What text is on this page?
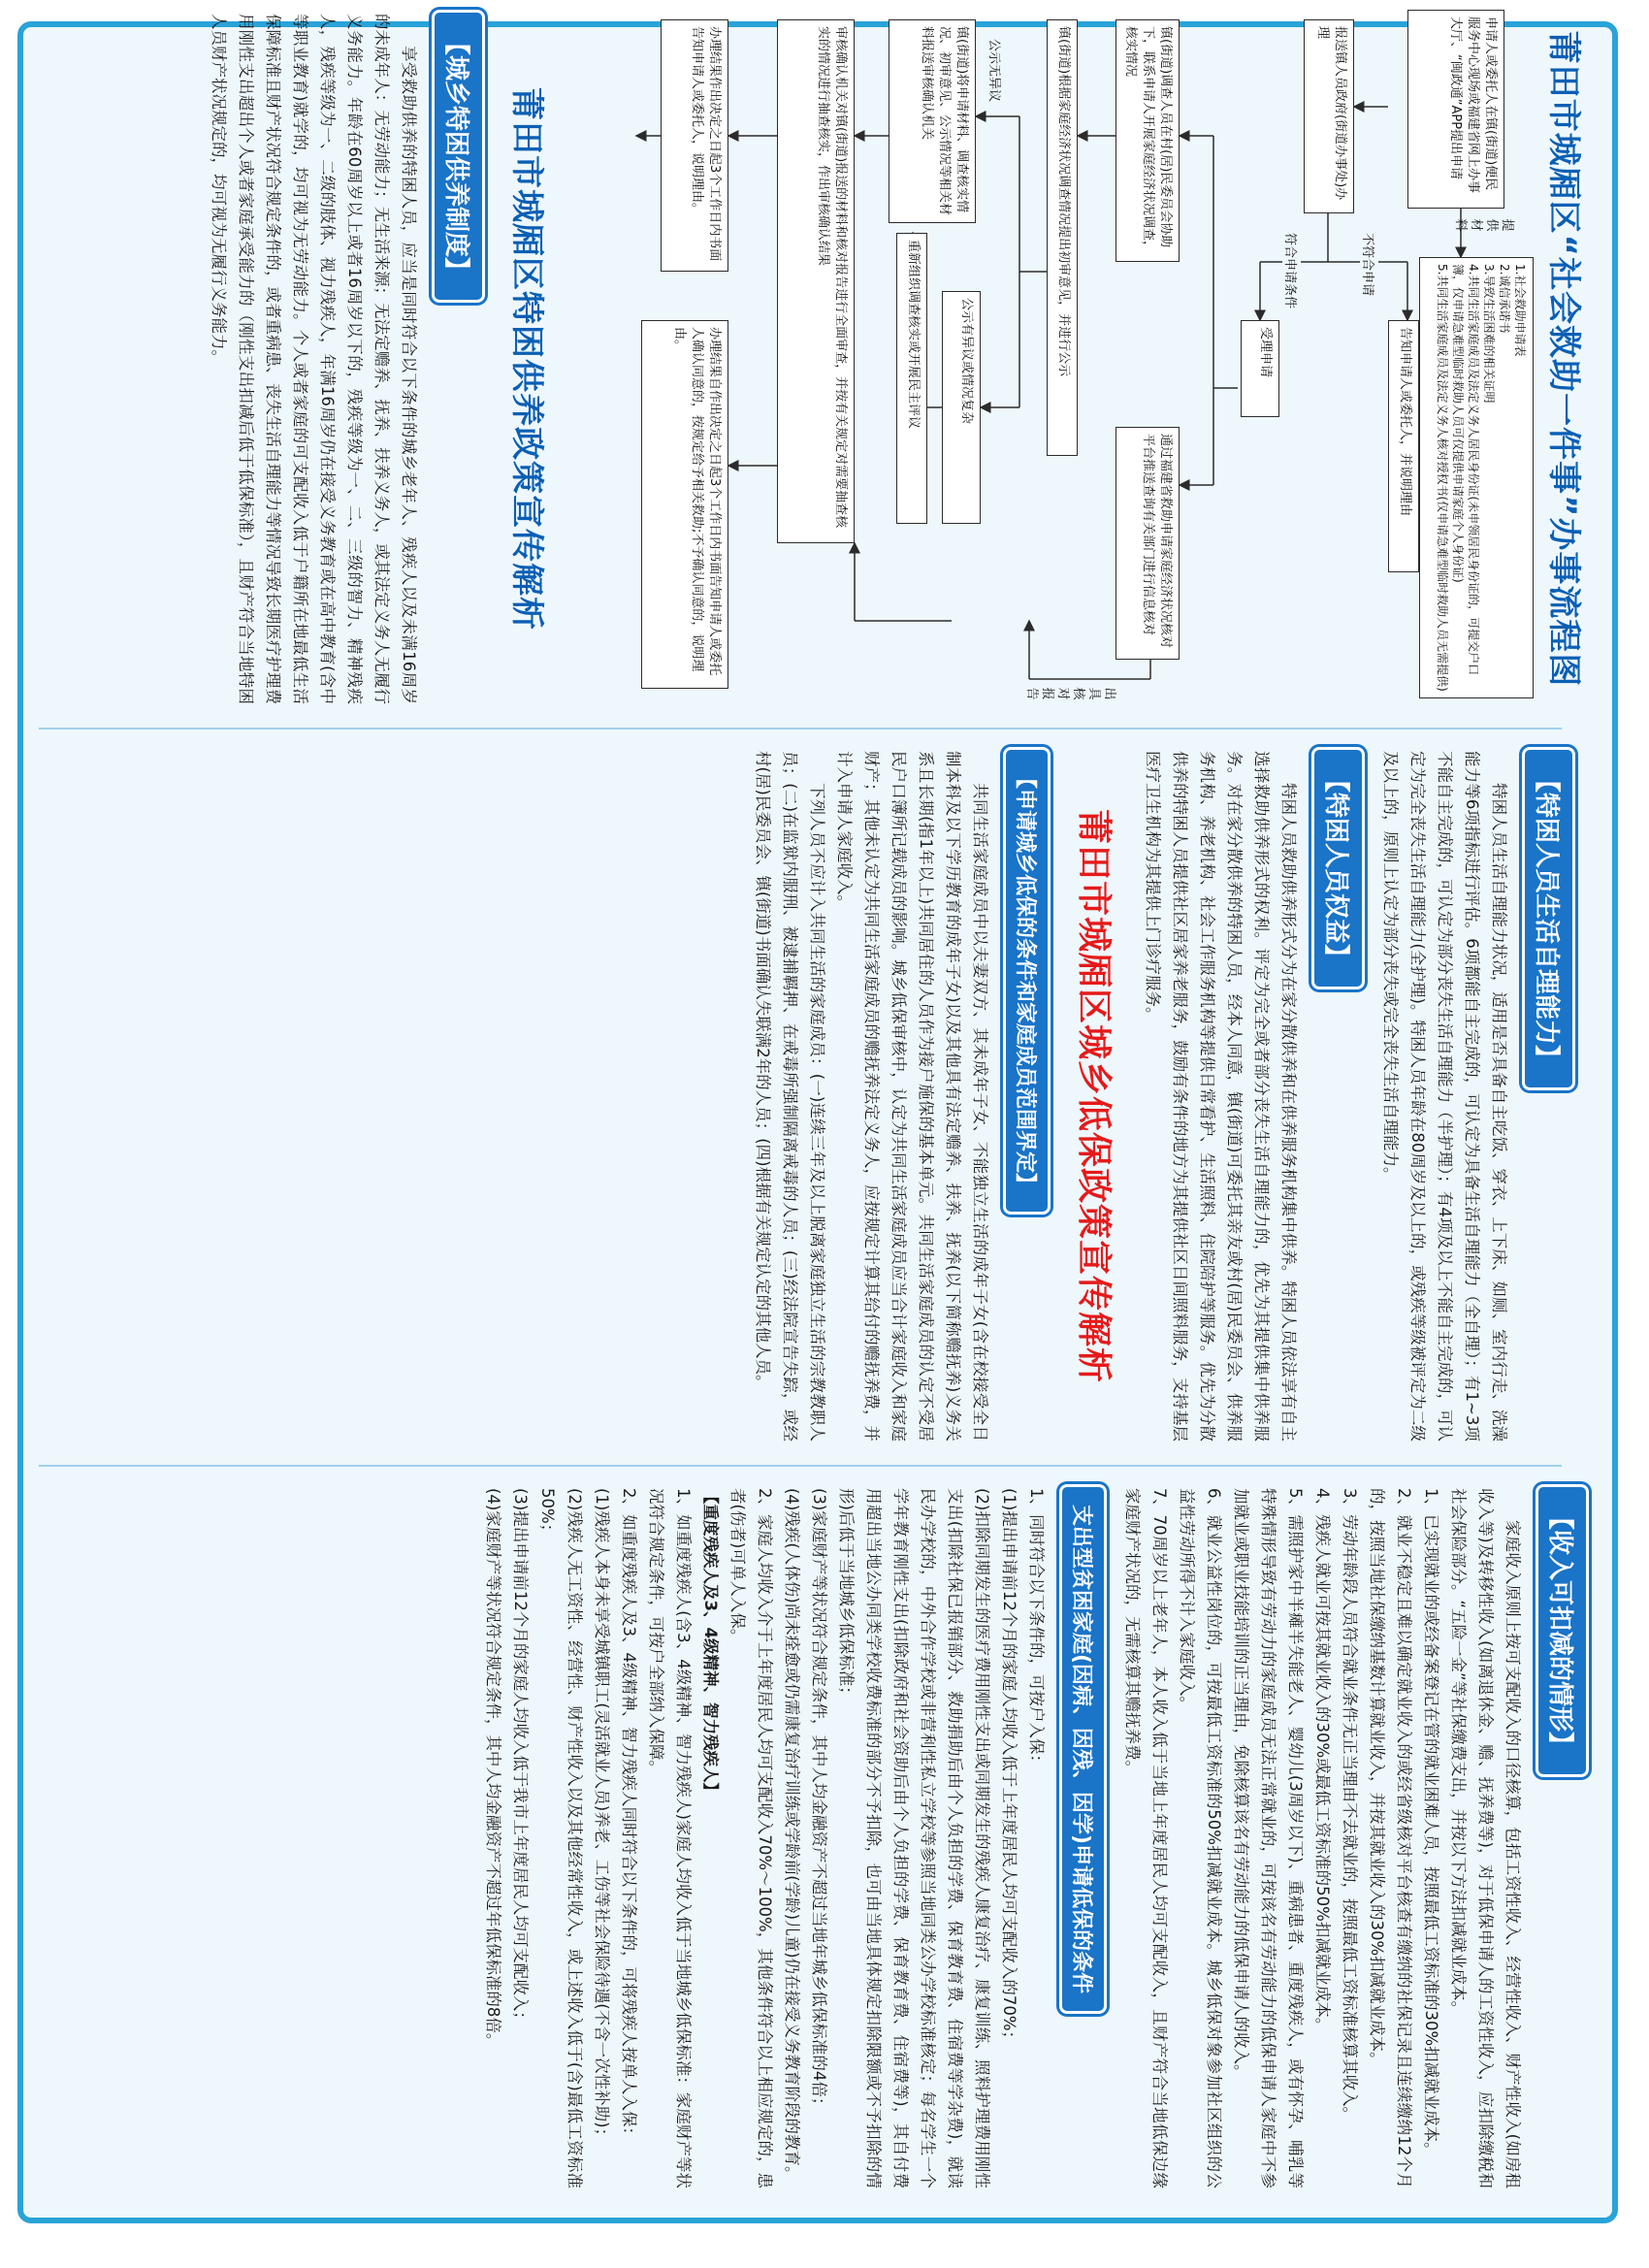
莆田市城厢区“社会救助一件事”办事流程图
申请人或委托人在镇(街道)便民服务中心现场或福建省网上办事大厅、“闽政通”APP提出申请
提供材料
1.社会救助申请表
2.诚信承诺书
3.导致生活困难的相关证明
4.共同生活家庭成员及法定义务人居民身份证(未申领居民身份证的，可提交户口簿，仅申请急难型临时救助人员可仅提供申请家庭个人身份证)
5.共同生活家庭成员及法定义务人核对授权书(仅申请急难型临时救助人员无需提供)
报送镇人员政府(街道办事处)办理
不符合申请
符合申请条件
告知申请人或委托人，并说明理由
受理申请
镇(街道)调查人员在村(居)民委员会协助下，联系申请人开展家庭经济状况调查，核实情况
通过福建省救助申请家庭经济状况核对平台推送查询有关部门进行信息核对
镇(街道)根据家庭经济状况调查情况提出初审意见，并进行公示
公示无异议
公示有异议或情况复杂
重新组织调查核实或开展民主评议
镇(街道)将申请材料、调查核实情况、初审意见、公示情况等相关材料报送审核确认机关
出具核对报告
审核确认机关对镇(街道)报送的材料和核对报告进行全面审查，并按有关规定对需要抽查核实的情况进行抽查核实，作出审核确认结果
办理结果作出决定之日起3个工作日内书面告知申请人或委托人，说明理由。
办理结果自作出决定之日起3个工作日内书面告知申请人或委托人确认同意的，按规定给予相关救助;不予确认同意的，说明理由。
莆田市城厢区特困供养政策宣传解析
【城乡特困供养制度】

享受救助供养的特困人员，应当是同时符合以下条件的城乡老年人、残疾人以及未满16周岁的未成年人：无劳动能力；无生活来源；无法定赡养、抚养、扶养义务人，或其法定义务人无履行义务能力。年龄在60周岁以上或者16周岁以下的，残疾等级为一、二、三级的智力、精神残疾人，残疾等级为一、二级的肢体、视力残疾人，年满16周岁仍在接受义务教育或在高中教育(含中等职业教育)就学的，均可视为无劳动能力。个人或者家庭的可支配收入低于户籍所在地最低生活保障标准且财产状况符合规定条件的，或者重病患、丧失生活自理能力等情况导致长期医疗护理费用刚性支出超出个人或者家庭承受能力的（刚性支出扣减后低于低保标准），且财产符合当地特困人员财产状况规定的，均可视为无履行义务能力。

【特困人员生活自理能力】

特困人员生活自理能力状况，适用是否具备自主吃饭、穿衣、上下床、如厕、室内行走、洗澡能力等6项指标进行评估。6项都能自主完成的，可认定为具备生活自理能力（全自理）；有1~3项不能自主完成的，可认定为部分丧失生活自理能力（半护理）；有4项及以上不能自主完成的，可认定为完全丧失生活自理能力(全护理)。特困人员年龄在80周岁及以上的，或残疾等级被评定为二级及以上的，原则上认定为部分丧失或完全丧失生活自理能力。

【特困人员权益】

特困人员救助供养形式分为在家分散供养和在供养服务机构集中供养。特困人员依法享有自主选择救助供养形式的权利。评定为完全或者部分丧失生活自理能力的，优先为其提供集中供养服务。对在家分散供养的特困人员，经本人同意，镇(街道)可委托其亲友或村(居)民委员会、供养服务机构、养老机构、社会工作服务机构等提供日常看护、生活照料、住院陪护等服务。优先为分散供养的特困人员提供社区居家养老服务，鼓励有条件的地方为其提供社区日间照料服务，支持基层医疗卫生机构为其提供上门诊疗服务。

莆田市城厢区城乡低保政策宣传解析
【申请城乡低保的条件和家庭成员范围界定】

共同生活家庭成员中以夫妻双方、其未成年子女、不能独立生活的成年子女(含在校接受全日制本科及以下学历教育的成年子女)以及其他具有法定赡养、扶养、抚养(以下简称赡抚养)义务关系且长期(指1年以上)共同居住的人员作为接户施保的基本单元。共同生活家庭成员的认定不受居民户口簿所记载成员的影响。城乡低保审核中，认定为共同生活家庭成员应当合计家庭收入和家庭财产；其他未认定为共同生活家庭成员的赡抚养法定义务人，应按规定计算其给付的赡抚养费，并计入申请人家庭收入。

下列人员不应计入共同生活的家庭成员：(一)连续三年及以上脱离家庭独立生活的宗教教职人员；(二)在监狱内服刑、被逮捕羁押、在戒毒所强制隔离戒毒的人员；(三)经法院宣告失踪，或经村(居)民委员会、镇(街道)书面确认失联满2年的人员；(四)根据有关规定认定的其他人员。

【收入可扣减的情形】

家庭收入原则上按可支配收入的口径核算，包括工资性收入、经营性收入、财产性收入(如房租收入等)及转移性收入(如离退休金、赡、抚养费等)，对于低保申请人的工资性收入，应扣除缴税和社会保险部分。“五险一金”等社保缴费支出，并按以下方法扣减就业成本。

1、已实现就业的或经备案登记在管的就业困难人员，按照最低工资标准的30%扣减就业成本。
2、就业不稳定且难以确定就业收入的或经省级核对平台核查有缴纳的社保记录且连续缴纳12个月的，按照当地社保缴纳基数计算就业收入，并按其就业收入的30%扣减就业成本。
3、劳动年龄段人员符合就业条件无正当理由不去就业的，按照最低工资标准核算其收入。
4、残疾人就业可按其就业收入的30%或最低工资标准的50%扣减就业成本。
5、需照护家中半瘫半失能老人、婴幼儿(3周岁以下)、重病患者、重度残疾人，或有怀孕、哺乳等特殊情形导致有劳动力的家庭成员无法正常就业的，可按该名有劳动能力的低保申请人家庭中不参加就业或职业技能培训的正当理由，免除核算该名有劳动能力的低保申请人的收入。
6、就业公益性岗位的，可按最低工资标准的50%扣减就业成本。城乡低保对象参加社区组织的公益性劳动所得不计入家庭收入。
7、70周岁以上老年人，本人收入低于当地上年度居民人均可支配收入，且财产符合当地低保边缘家庭财产状况的，无需核算其赡抚养费。
支出型贫困家庭(因病、因残、因学)申请低保的条件
1、同时符合以下条件的，可按户入保：
(1)提出申请前12个月的家庭人均收入低于上年度居民人均可支配收入的70%；
(2)扣除同期发生的医疗费用刚性支出或同期发生的残疾人康复治疗、康复训练、照料护理费用刚性支出(扣除社保已报销部分、救助捐助后由个人负担的学费、保育教育费、住宿费等学杂费)，就读民办学校的，中外合作学校或非营利性私立学校等参照当地同类公办学校标准核定；每名学生一个学年教育刚性支出(扣除政府和社会资助后由个人负担的学费、保育教育费、住宿费等)，其自付费用超出当地公办同类学校收费标准的部分不予扣除，也可由当地具体规定扣除限额或不予扣除的情形)后低于当地城乡低保标准；
(3)家庭财产等状况符合规定条件，其中人均金融资产不超过当地年城乡低保标准的4倍；
(4)残疾(人体伤)尚未痊愈或仍需康复治疗训练或学龄前(学龄)儿童)仍在接受义务教育阶段的教育。
2、家庭人均收入介于上年度居民人均可支配收入70%～100%，其他条件符合以上相应规定的，患者(伤者)可单人入保。
【重度残疾人及3、4级精神、智力残疾人】
1、如重度残疾人(含3、4级精神、智力残疾人)家庭人均收入低于当地城乡低保标准：家庭财产等状况符合规定条件，可按户全部纳入保障。
2、如重度残疾人及3、4级精神、智力残疾人同时符合以下条件的，可将残疾人按单人入保：
(1)残疾人本身未享受城镇职工(灵活就业人员)养老、工伤等社会保险待遇(不含一次性补助)；
(2)残疾人无工资性、经营性、财产性收入以及其他经常性收入，或上述收入低于(含)最低工资标准50%；
(3)提出申请前12个月的家庭人均收入低于我市上年度居民人均可支配收入；
(4)家庭财产等状况符合规定条件，其中人均金融资产不超过年低保标准的8倍。
